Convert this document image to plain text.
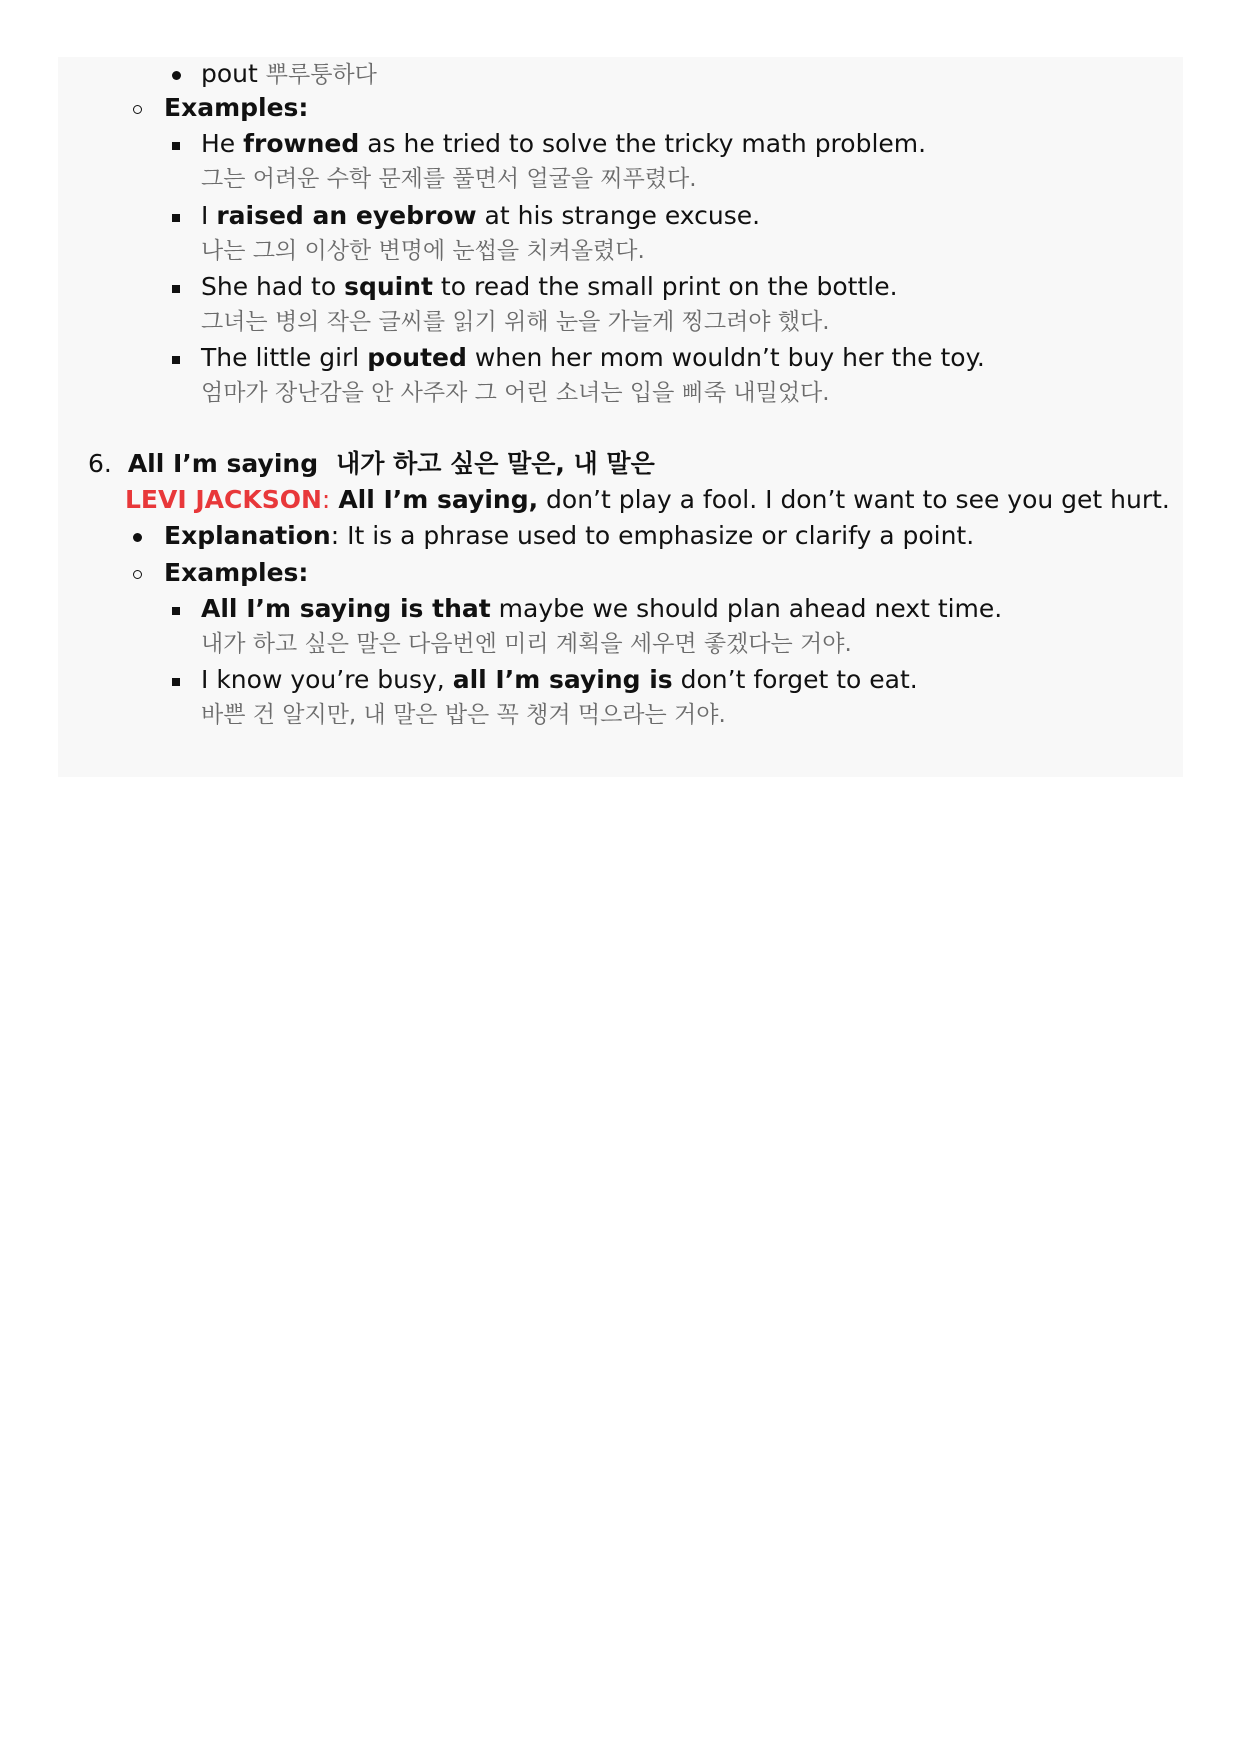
pout 뿌루퉁하다
Examples:
He frowned as he tried to solve the tricky math problem.
그는 어려운 수학 문제를 풀면서 얼굴을 찌푸렸다.
I raised an eyebrow at his strange excuse.
나는 그의 이상한 변명에 눈썹을 치켜올렸다.
She had to squint to read the small print on the bottle.
그녀는 병의 작은 글씨를 읽기 위해 눈을 가늘게 찡그려야 했다.
The little girl pouted when her mom wouldn’t buy her the toy.
엄마가 장난감을 안 사주자 그 어린 소녀는 입을 삐죽 내밀었다.
6. All I’m saying 내가 하고 싶은 말은, 내 말은
LEVI JACKSON: All I’m saying, don’t play a fool. I don’t want to see you get hurt.
Explanation: It is a phrase used to emphasize or clarify a point.
Examples:
All I’m saying is that maybe we should plan ahead next time.
내가 하고 싶은 말은 다음번엔 미리 계획을 세우면 좋겠다는 거야.
I know you’re busy, all I’m saying is don’t forget to eat.
바쁜 건 알지만, 내 말은 밥은 꼭 챙겨 먹으라는 거야.
